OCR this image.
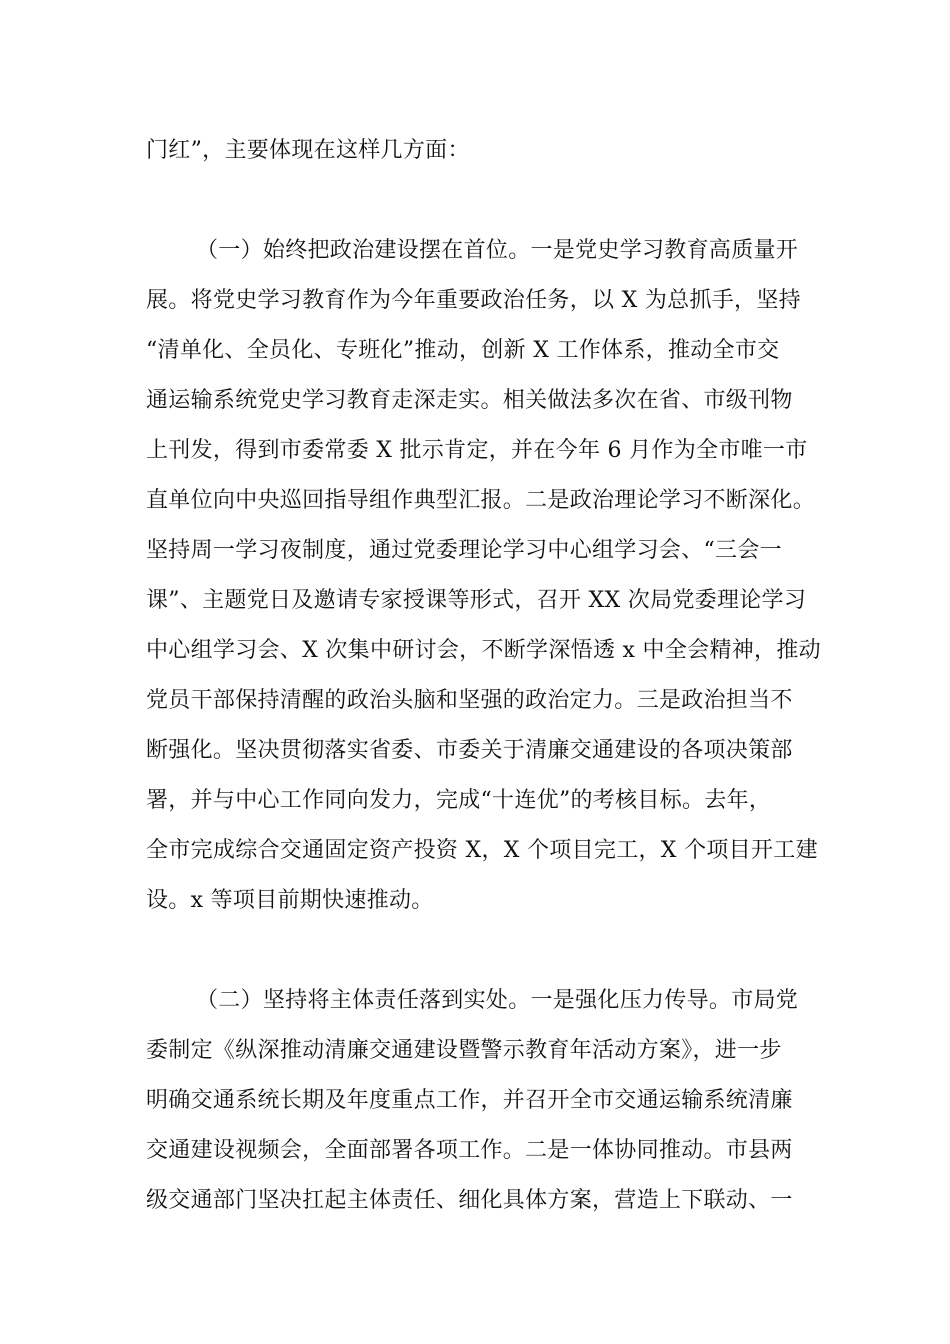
门红”，主要体现在这样几方面：

（一）始终把政治建设摆在首位。一是党史学习教育高质量开

展。将党史学习教育作为今年重要政治任务，以 X 为总抓手，坚持

“清单化、全员化、专班化”推动，创新 X 工作体系，推动全市交

通运输系统党史学习教育走深走实。相关做法多次在省、市级刊物

上刊发，得到市委常委 X 批示肯定，并在今年 6 月作为全市唯一市

直单位向中央巡回指导组作典型汇报。二是政治理论学习不断深化。

坚持周一学习夜制度，通过党委理论学习中心组学习会、“三会一

课”、主题党日及邀请专家授课等形式，召开 XX 次局党委理论学习

中心组学习会、X 次集中研讨会，不断学深悟透 x 中全会精神，推动

党员干部保持清醒的政治头脑和坚强的政治定力。三是政治担当不

断强化。坚决贯彻落实省委、市委关于清廉交通建设的各项决策部

署，并与中心工作同向发力，完成“十连优”的考核目标。去年，

全市完成综合交通固定资产投资 X，X 个项目完工，X 个项目开工建

设。x 等项目前期快速推动。

（二）坚持将主体责任落到实处。一是强化压力传导。市局党

委制定《纵深推动清廉交通建设暨警示教育年活动方案》，进一步

明确交通系统长期及年度重点工作，并召开全市交通运输系统清廉

交通建设视频会，全面部署各项工作。二是一体协同推动。市县两

级交通部门坚决扛起主体责任、细化具体方案，营造上下联动、一
